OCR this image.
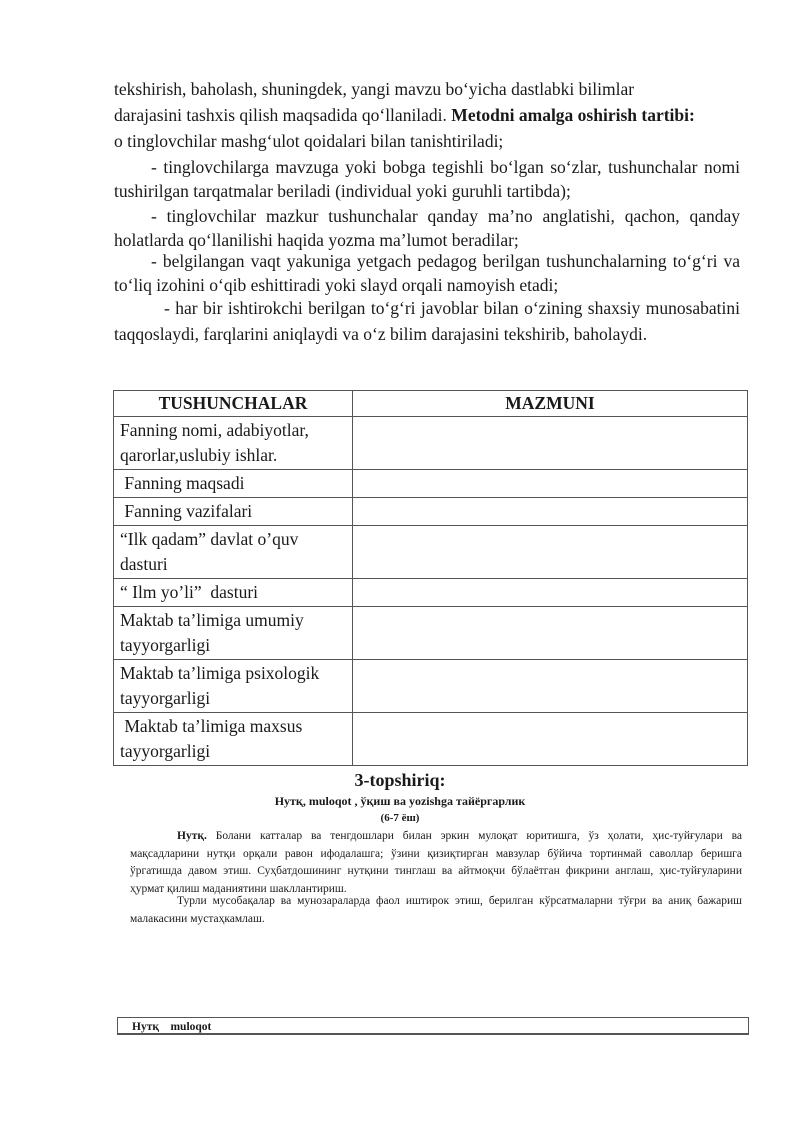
tekshirish, baholash, shuningdek, yangi mavzu bo‘yicha dastlabki bilimlar
darajasini tashxis qilish maqsadida qo‘llaniladi. Metodni amalga oshirish tartibi:
o tinglovchilar mashg‘ulot qoidalari bilan tanishtiriladi;
- tinglovchilarga mavzuga yoki bobga tegishli bo‘lgan so‘zlar, tushunchalar nomi tushirilgan tarqatmalar beriladi (individual yoki guruhli tartibda);
- tinglovchilar mazkur tushunchalar qanday ma’no anglatishi, qachon, qanday holatlarda qo‘llanilishi haqida yozma ma’lumot beradilar;
- belgilangan vaqt yakuniga yetgach pedagog berilgan tushunchalarning to‘g‘ri va to‘liq izohini o‘qib eshittiradi yoki slayd orqali namoyish etadi;
- har bir ishtirokchi berilgan to‘g‘ri javoblar bilan o‘zining shaxsiy munosabatini taqqoslaydi, farqlarini aniqlaydi va o‘z bilim darajasini tekshirib, baholaydi.
TUSHUNCHALAR	MAZMUNI
Fanning nomi, adabiyotlar, qarorlar,uslubiy ishlar.	
Fanning maqsadi	
Fanning vazifalari	
“Ilk qadam” davlat o’quv dasturi	
“ Ilm yo’li”  dasturi	
Maktab ta’limiga umumiy tayyorgarligi	
Maktab ta’limiga psixologik tayyorgarligi	
Maktab ta’limiga maxsus tayyorgarligi	
3-topshiriq:
Нутқ, muloqot , ўқиш ва yozishga тайёргарлик
(6-7 ёш)
Нутқ. Болани катталар ва тенгдошлари билан эркин мулоқат юритишга, ўз ҳолати, ҳис-туйғулари ва мақсадларини нутқи орқали равон ифодалашга; ўзини қизиқтирган мавзулар бўйича тортинмай саволлар беришга ўргатишда давом этиш. Суҳбатдошининг нутқини тинглаш ва айтмоқчи бўлаётган фикрини англаш, ҳис-туйғуларини ҳурмат қилиш маданиятини шакллантириш.
Турли мусобақалар ва мунозараларда фаол иштирок этиш, берилган кўрсатмаларни тўғри ва аниқ бажариш малакасини мустаҳкамлаш.
Нутқ    muloqot
